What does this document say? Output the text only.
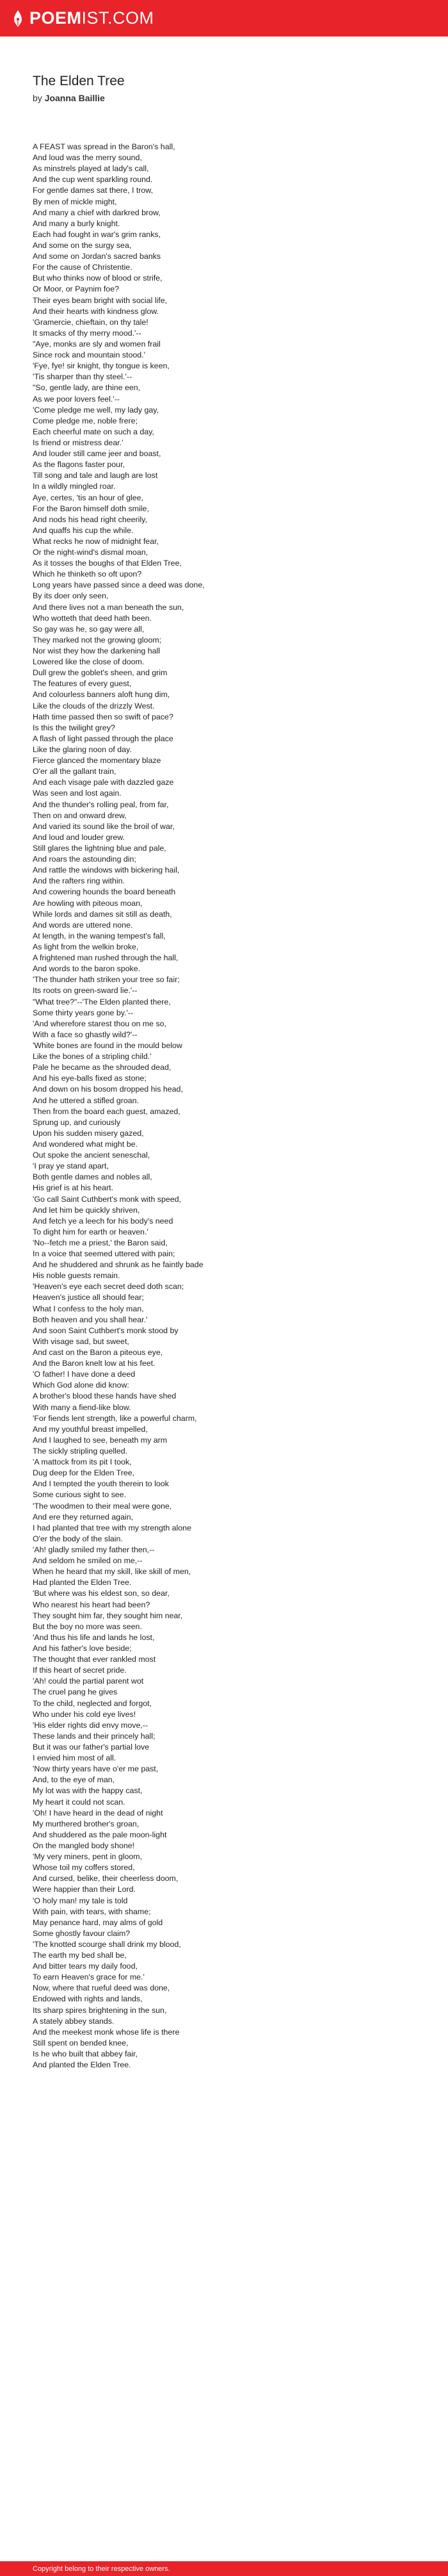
POEMIST.COM
The Elden Tree
by Joanna Baillie
A FEAST was spread in the Baron's hall,
And loud was the merry sound,
As minstrels played at lady's call,
And the cup went sparkling round.
For gentle dames sat there, I trow,
By men of mickle might,
And many a chief with darkred brow,
And many a burly knight.
Each had fought in war's grim ranks,
And some on the surgy sea,
And some on Jordan's sacred banks
For the cause of Christentie.
But who thinks now of blood or strife,
Or Moor, or Paynim foe?
Their eyes beam bright with social life,
And their hearts with kindness glow.
'Gramercie, chieftain, on thy tale!
It smacks of thy merry mood.'--
"Aye, monks are sly and women frail
Since rock and mountain stood.'
'Fye, fye! sir knight, thy tongue is keen,
'Tis sharper than thy steel.'--
"So, gentle lady, are thine een,
As we poor lovers feel.'--
'Come pledge me well, my lady gay,
Come pledge me, noble frere;
Each cheerful mate on such a day,
Is friend or mistress dear.'
And louder still came jeer and boast,
As the flagons faster pour,
Till song and tale and laugh are lost
In a wildly mingled roar.
Aye, certes, 'tis an hour of glee,
For the Baron himself doth smile,
And nods his head right cheerily,
And quaffs his cup the while.
What recks he now of midnight fear,
Or the night-wind's dismal moan,
As it tosses the boughs of that Elden Tree,
Which he thinketh so oft upon?
Long years have passed since a deed was done,
By its doer only seen,
And there lives not a man beneath the sun,
Who wotteth that deed hath been.
So gay was he, so gay were all,
They marked not the growing gloom;
Nor wist they how the darkening hall
Lowered like the close of doom.
Dull grew the goblet's sheen, and grim
The features of every guest,
And colourless banners aloft hung dim,
Like the clouds of the drizzly West.
Hath time passed then so swift of pace?
Is this the twilight grey?
A flash of light passed through the place
Like the glaring noon of day.
Fierce glanced the momentary blaze
O'er all the gallant train,
And each visage pale with dazzled gaze
Was seen and lost again.
And the thunder's rolling peal, from far,
Then on and onward drew,
And varied its sound like the broil of war,
And loud and louder grew.
Still glares the lightning blue and pale,
And roars the astounding din;
And rattle the windows with bickering hail,
And the rafters ring within.
And cowering hounds the board beneath
Are howling with piteous moan,
While lords and dames sit still as death,
And words are uttered none.
At length, in the waning tempest's fall,
As light from the welkin broke,
A frightened man rushed through the hall,
And words to the baron spoke.
'The thunder hath striken your tree so fair;
Its roots on green-sward lie.'--
"What tree?"--'The Elden planted there,
Some thirty years gone by.'--
'And wherefore starest thou on me so,
With a face so ghastly wild?'--
'White bones are found in the mould below
Like the bones of a stripling child.'
Pale he became as the shrouded dead,
And his eye-balls fixed as stone;
And down on his bosom dropped his head,
And he uttered a stifled groan.
Then from the board each guest, amazed,
Sprung up, and curiously
Upon his sudden misery gazed,
And wondered what might be.
Out spoke the ancient seneschal,
'I pray ye stand apart,
Both gentle dames and nobles all,
His grief is at his heart.
'Go call Saint Cuthbert's monk with speed,
And let him be quickly shriven,
And fetch ye a leech for his body's need
To dight him for earth or heaven.'
'No--fetch me a priest,' the Baron said,
In a voice that seemed uttered with pain;
And he shuddered and shrunk as he faintly bade
His noble guests remain.
'Heaven's eye each secret deed doth scan;
Heaven's justice all should fear;
What I confess to the holy man,
Both heaven and you shall hear.'
And soon Saint Cuthbert's monk stood by
With visage sad, but sweet,
And cast on the Baron a piteous eye,
And the Baron knelt low at his feet.
'O father! I have done a deed
Which God alone did know:
A brother's blood these hands have shed
With many a fiend-like blow.
'For fiends lent strength, like a powerful charm,
And my youthful breast impelled,
And I laughed to see, beneath my arm
The sickly stripling quelled.
'A mattock from its pit I took,
Dug deep for the Elden Tree,
And I tempted the youth therein to look
Some curious sight to see.
'The woodmen to their meal were gone,
And ere they returned again,
I had planted that tree with my strength alone
O'er the body of the slain.
'Ah! gladly smiled my father then,--
And seldom he smiled on me,--
When he heard that my skill, like skill of men,
Had planted the Elden Tree.
'But where was his eldest son, so dear,
Who nearest his heart had been?
They sought him far, they sought him near,
But the boy no more was seen.
'And thus his life and lands he lost,
And his father's love beside;
The thought that ever rankled most
If this heart of secret pride.
'Ah! could the partial parent wot
The cruel pang he gives
To the child, neglected and forgot,
Who under his cold eye lives!
'His elder rights did envy move,--
These lands and their princely hall;
But it was our father's partial love
I envied him most of all.
'Now thirty years have o'er me past,
And, to the eye of man,
My lot was with the happy cast,
My heart it could not scan.
'Oh! I have heard in the dead of night
My murthered brother's groan,
And shuddered as the pale moon-light
On the mangled body shone!
'My very miners, pent in gloom,
Whose toil my coffers stored,
And cursed, belike, their cheerless doom,
Were happier than their Lord.
'O holy man! my tale is told
With pain, with tears, with shame;
May penance hard, may alms of gold
Some ghostly favour claim?
'The knotted scourge shall drink my blood,
The earth my bed shall be,
And bitter tears my daily food,
To earn Heaven's grace for me.'
Now, where that rueful deed was done,
Endowed with rights and lands,
Its sharp spires brightening in the sun,
A stately abbey stands.
And the meekest monk whose life is there
Still spent on bended knee,
Is he who built that abbey fair,
And planted the Elden Tree.
Copyright belong to their respective owners.
